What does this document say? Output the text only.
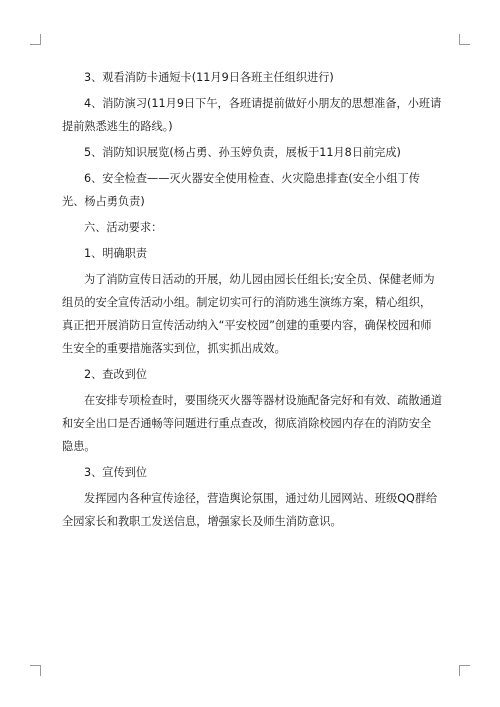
3、观看消防卡通短卡(11月9日各班主任组织进行)

4、消防演习(11月9日下午，各班请提前做好小朋友的思想准备，小班请提前熟悉逃生的路线。)

5、消防知识展览(杨占勇、孙玉婷负责，展板于11月8日前完成)

6、安全检查——灭火器安全使用检查、火灾隐患排查(安全小组丁传光、杨占勇负责)

六、活动要求：

1、明确职责

为了消防宣传日活动的开展，幼儿园由园长任组长;安全员、保健老师为组员的安全宣传活动小组。制定切实可行的消防逃生演练方案，精心组织，真正把开展消防日宣传活动纳入“平安校园”创建的重要内容，确保校园和师生安全的重要措施落实到位，抓实抓出成效。

2、查改到位

在安排专项检查时，要围绕灭火器等器材设施配备完好和有效、疏散通道和安全出口是否通畅等问题进行重点查改，彻底消除校园内存在的消防安全隐患。

3、宣传到位

发挥园内各种宣传途径，营造舆论氛围，通过幼儿园网站、班级QQ群给全园家长和教职工发送信息，增强家长及师生消防意识。
